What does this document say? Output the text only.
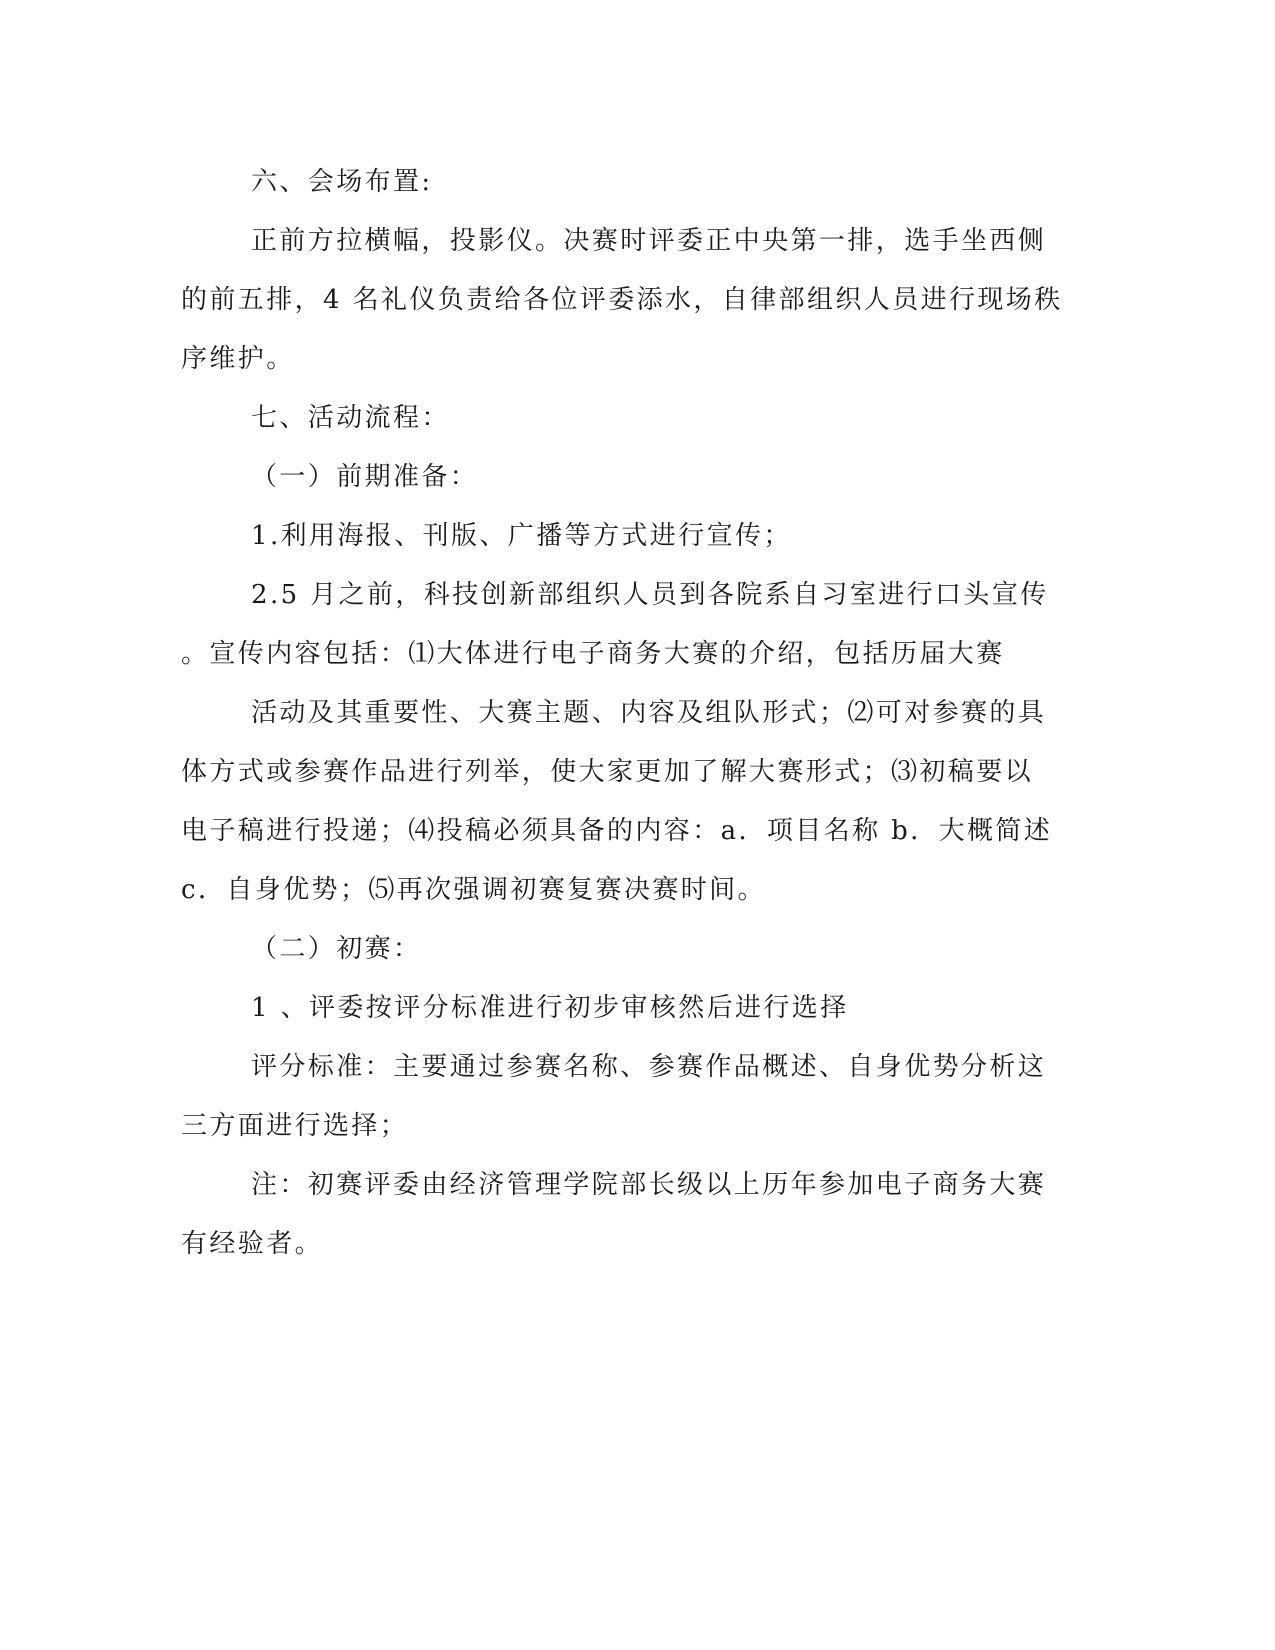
六、会场布置:
正前方拉横幅，投影仪。决赛时评委正中央第一排，选手坐西侧
的前五排，4 名礼仪负责给各位评委添水，自律部组织人员进行现场秩
序维护。
七、活动流程：
（一）前期准备：
1.利用海报、刊版、广播等方式进行宣传；
2.5 月之前，科技创新部组织人员到各院系自习室进行口头宣传
。宣传内容包括：⑴大体进行电子商务大赛的介绍，包括历届大赛
活动及其重要性、大赛主题、内容及组队形式；⑵可对参赛的具
体方式或参赛作品进行列举，使大家更加了解大赛形式；⑶初稿要以
电子稿进行投递；⑷投稿必须具备的内容：a．项目名称 b．大概简述
c．自身优势；⑸再次强调初赛复赛决赛时间。
（二）初赛：
1 、评委按评分标准进行初步审核然后进行选择
评分标准：主要通过参赛名称、参赛作品概述、自身优势分析这
三方面进行选择；
注：初赛评委由经济管理学院部长级以上历年参加电子商务大赛
有经验者。
